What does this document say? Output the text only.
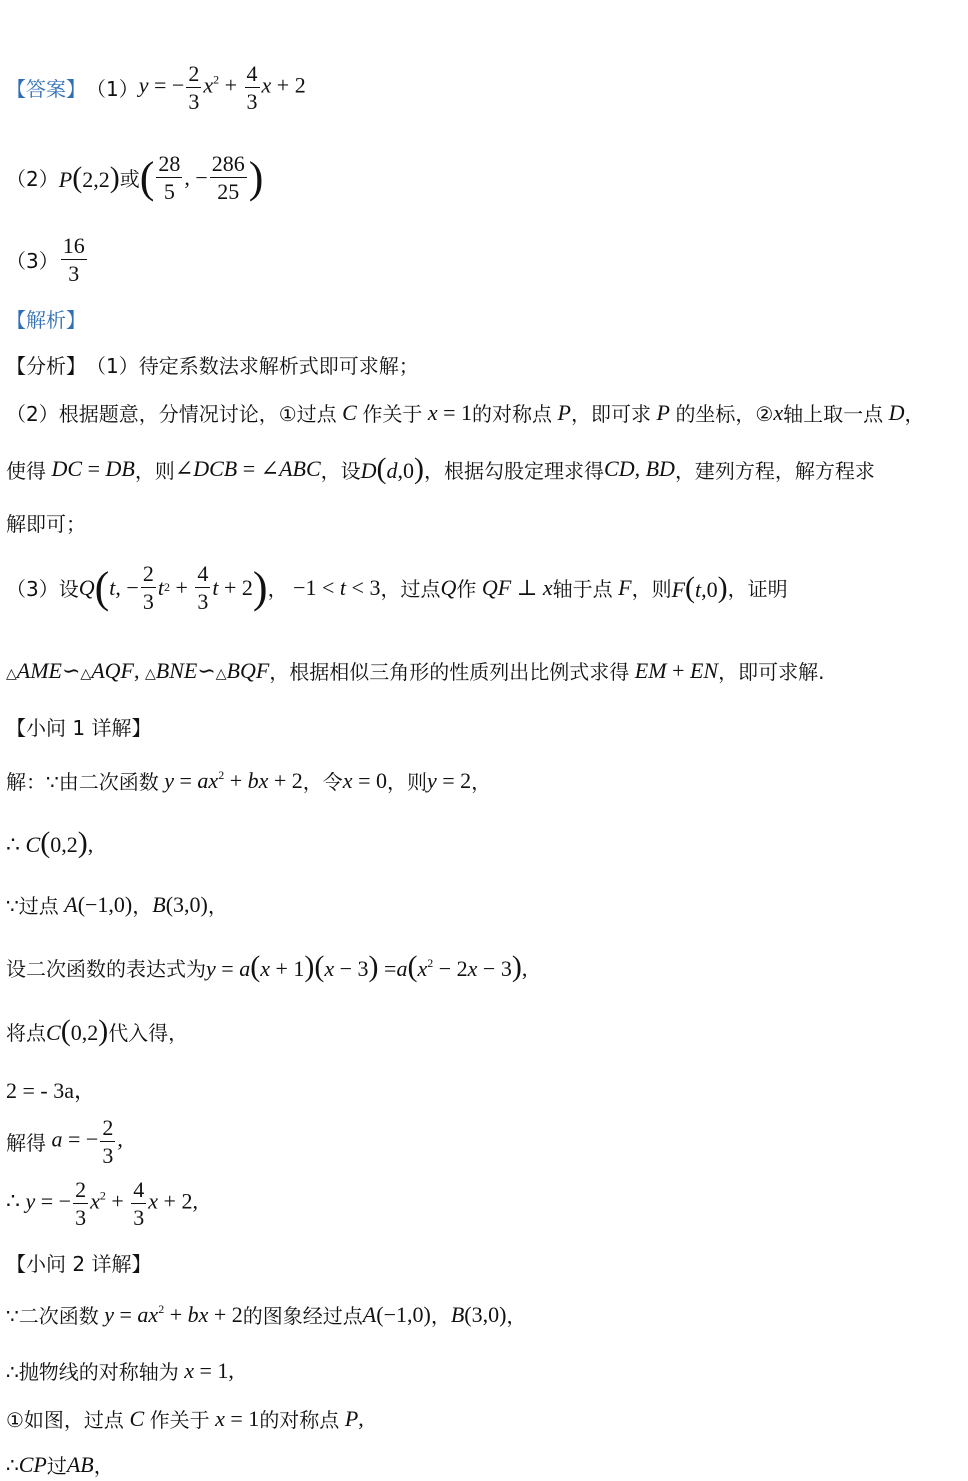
【答案】 （1） y = − $\frac{2}{3} x^2 + \frac{4}{3}$ x + 2
（2） P(2,2) 或 ( $\frac{28}{5}$ , − $\frac{286}{25}$ )
$(3) \frac{16}{3}$
【解析】
【分析】 （1）待定系数法求解析式即可求解；
（2）根据题意，分情况讨论，①过点 C 作关于 x = 1 的对称点 P ，即可求 P 的坐标，② x 轴上取一点 D ，
使得 DC = DB ，则 ∠DCB = ∠ABC ，设 D(d,0) ，根据勾股定理求得 CD, BD ，建列方程，解方程求
解即可；
（3）设 Q ( t , − $\frac{2}{3}$ t $2 + \frac{4}{3}$ t + 2 ) ， −1 < t < 3 ，过点 Q 作 QF ⊥ x 轴于点 F ，则 F(t,0) ，证明
△AME∽△AQF, △BNE∽△BQF ，根据相似三角形的性质列出比例式求得 EM + EN ，即可求解.
【小问 1 详解】
解：∵由二次函数 $y = ax^2$ + bx + 2 ，令 x = 0 ，则 y = 2 ，
∴ C(0,2),
∵过点 A(−1,0) ， B(3,0) ，
设二次函数的表达式为 $y = a(x + 1)(x - 3) =a(x^2 - 2x - 3)$,
将点 C(0,2) 代入得，
2 = - 3a，
解得 a = − $\frac{2}{3}$ ,
∴ y = − $\frac{2}{3} x^2 + \frac{4}{3}$ x + 2,
【小问 2 详解】
∵二次函数 $y = ax^2$ + bx + 2 的图象经过点 A(−1,0) ， B(3,0) ，
∴抛物线的对称轴为 x = 1,
①如图，过点 C 作关于 x = 1 的对称点 P,
∴ CP 过 AB ，
